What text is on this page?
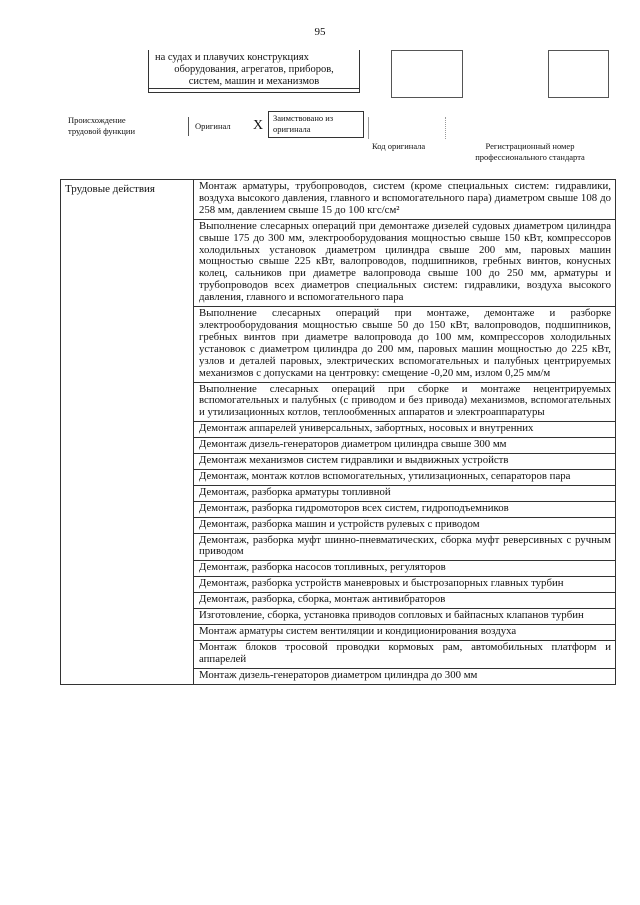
95
на судах и плавучих конструкциях
оборудования, агрегатов, приборов,
систем, машин и механизмов
Происхождение
трудовой функции	Оригинал	X Заимствовано из
оригинала
Код оригинала	Регистрационный номер
профессионального стандарта
Трудовые действия	Монтаж арматуры, трубопроводов, систем (кроме специальных систем: гидравлики, воздуха высокого давления, главного и вспомогательного пара) диаметром свыше 108 до 258 мм, давлением свыше 15 до 100 кгс/см²
Выполнение слесарных операций при демонтаже дизелей судовых диаметром цилиндра свыше 175 до 300 мм, электрооборудования мощностью свыше 150 кВт, компрессоров холодильных установок диаметром цилиндра свыше 200 мм, паровых машин мощностью свыше 225 кВт, валопроводов, подшипников, гребных винтов, конусных колец, сальников при диаметре валопровода свыше 100 до 250 мм, арматуры и трубопроводов всех диаметров специальных систем: гидравлики, воздуха высокого давления, главного и вспомогательного пара
Выполнение слесарных операций при монтаже, демонтаже и разборке электрооборудования мощностью свыше 50 до 150 кВт, валопроводов, подшипников, гребных винтов при диаметре валопровода до 100 мм, компрессоров холодильных установок с диаметром цилиндра до 200 мм, паровых машин мощностью до 225 кВт, узлов и деталей паровых, электрических вспомогательных и палубных центрируемых механизмов с допусками на центровку: смещение -0,20 мм, излом 0,25 мм/м
Выполнение слесарных операций при сборке и монтаже нецентрируемых вспомогательных и палубных (с приводом и без привода) механизмов, вспомогательных и утилизационных котлов, теплообменных аппаратов и электроаппаратуры
Демонтаж аппарелей универсальных, забортных, носовых и внутренних
Демонтаж дизель-генераторов диаметром цилиндра свыше 300 мм
Демонтаж механизмов систем гидравлики и выдвижных устройств
Демонтаж, монтаж котлов вспомогательных, утилизационных, сепараторов пара
Демонтаж, разборка арматуры топливной
Демонтаж, разборка гидромоторов всех систем, гидроподъемников
Демонтаж, разборка машин и устройств рулевых с приводом
Демонтаж, разборка муфт шинно-пневматических, сборка муфт реверсивных с ручным приводом
Демонтаж, разборка насосов топливных, регуляторов
Демонтаж, разборка устройств маневровых и быстрозапорных главных турбин
Демонтаж, разборка, сборка, монтаж антивибраторов
Изготовление, сборка, установка приводов сопловых и байпасных клапанов турбин
Монтаж арматуры систем вентиляции и кондиционирования воздуха
Монтаж блоков тросовой проводки кормовых рам, автомобильных платформ и аппарелей
Монтаж дизель-генераторов диаметром цилиндра до 300 мм
